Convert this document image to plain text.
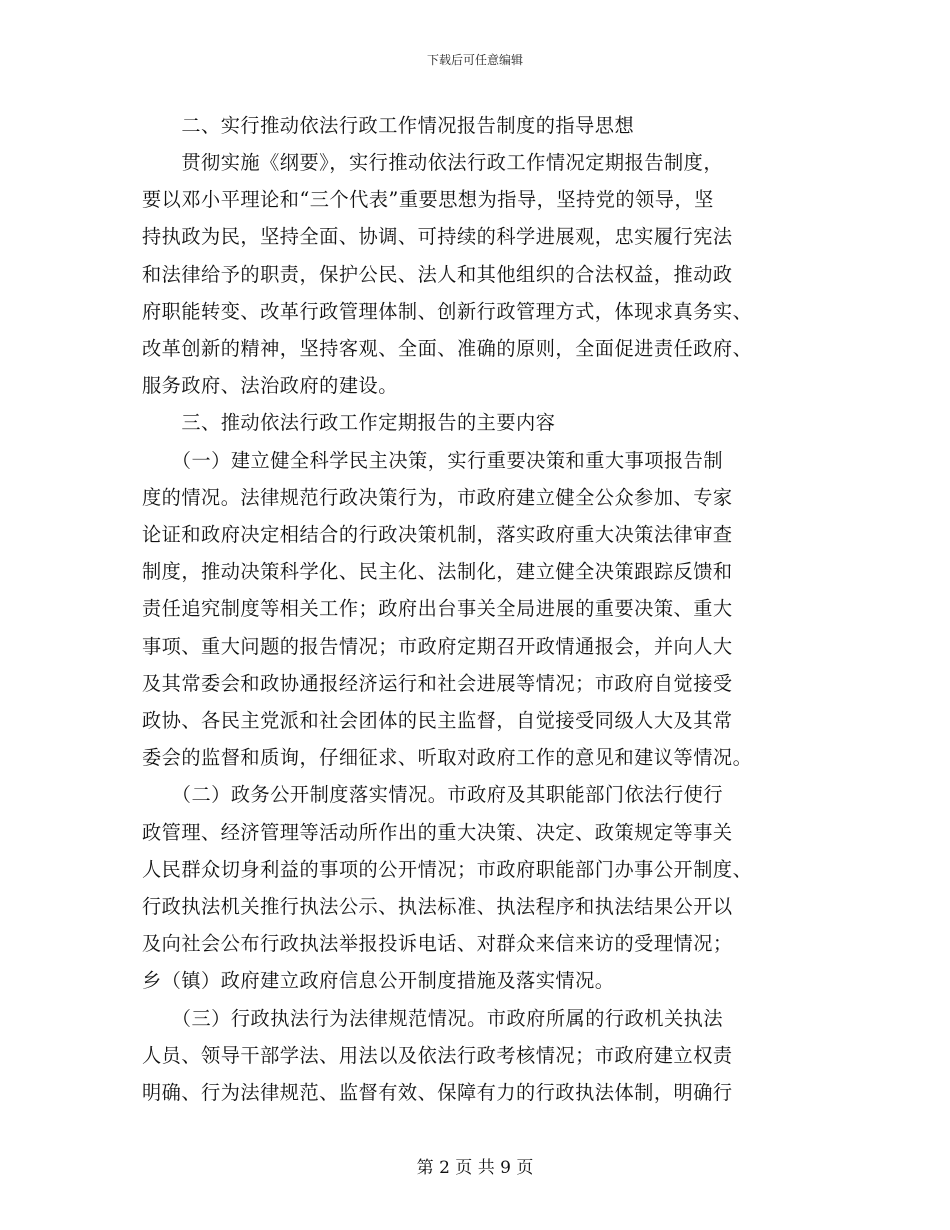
下载后可任意编辑
　　二、实行推动依法行政工作情况报告制度的指导思想
　　贯彻实施《纲要》，实行推动依法行政工作情况定期报告制度，
要以邓小平理论和“三个代表”重要思想为指导，坚持党的领导，坚
持执政为民，坚持全面、协调、可持续的科学进展观，忠实履行宪法
和法律给予的职责，保护公民、法人和其他组织的合法权益，推动政
府职能转变、改革行政管理体制、创新行政管理方式，体现求真务实、
改革创新的精神，坚持客观、全面、准确的原则，全面促进责任政府、
服务政府、法治政府的建设。
　　三、推动依法行政工作定期报告的主要内容
　　（一）建立健全科学民主决策，实行重要决策和重大事项报告制
度的情况。法律规范行政决策行为，市政府建立健全公众参加、专家
论证和政府决定相结合的行政决策机制，落实政府重大决策法律审查
制度，推动决策科学化、民主化、法制化，建立健全决策跟踪反馈和
责任追究制度等相关工作；政府出台事关全局进展的重要决策、重大
事项、重大问题的报告情况；市政府定期召开政情通报会，并向人大
及其常委会和政协通报经济运行和社会进展等情况；市政府自觉接受
政协、各民主党派和社会团体的民主监督，自觉接受同级人大及其常
委会的监督和质询，仔细征求、听取对政府工作的意见和建议等情况。
　　（二）政务公开制度落实情况。市政府及其职能部门依法行使行
政管理、经济管理等活动所作出的重大决策、决定、政策规定等事关
人民群众切身利益的事项的公开情况；市政府职能部门办事公开制度、
行政执法机关推行执法公示、执法标准、执法程序和执法结果公开以
及向社会公布行政执法举报投诉电话、对群众来信来访的受理情况；
乡（镇）政府建立政府信息公开制度措施及落实情况。
　　（三）行政执法行为法律规范情况。市政府所属的行政机关执法
人员、领导干部学法、用法以及依法行政考核情况；市政府建立权责
明确、行为法律规范、监督有效、保障有力的行政执法体制，明确行
第 2 页 共 9 页
